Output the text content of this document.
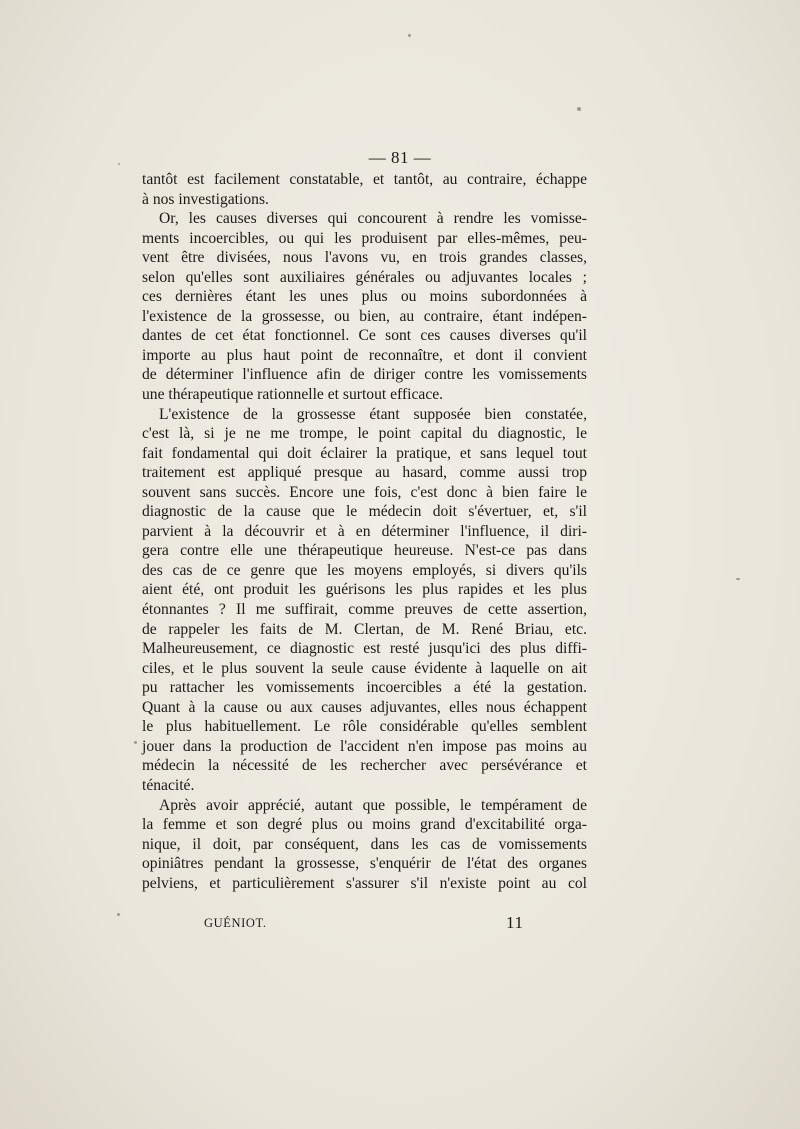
— 81 —
tantôt est facilement constatable, et tantôt, au contraire, échappe
à nos investigations.
Or, les causes diverses qui concourent à rendre les vomisse-
ments incoercibles, ou qui les produisent par elles-mêmes, peu-
vent être divisées, nous l'avons vu, en trois grandes classes,
selon qu'elles sont auxiliaires générales ou adjuvantes locales ;
ces dernières étant les unes plus ou moins subordonnées à
l'existence de la grossesse, ou bien, au contraire, étant indépen-
dantes de cet état fonctionnel. Ce sont ces causes diverses qu'il
importe au plus haut point de reconnaître, et dont il convient
de déterminer l'influence afin de diriger contre les vomissements
une thérapeutique rationnelle et surtout efficace.
L'existence de la grossesse étant supposée bien constatée,
c'est là, si je ne me trompe, le point capital du diagnostic, le
fait fondamental qui doit éclairer la pratique, et sans lequel tout
traitement est appliqué presque au hasard, comme aussi trop
souvent sans succès. Encore une fois, c'est donc à bien faire le
diagnostic de la cause que le médecin doit s'évertuer, et, s'il
parvient à la découvrir et à en déterminer l'influence, il diri-
gera contre elle une thérapeutique heureuse. N'est-ce pas dans
des cas de ce genre que les moyens employés, si divers qu'ils
aient été, ont produit les guérisons les plus rapides et les plus
étonnantes ? Il me suffirait, comme preuves de cette assertion,
de rappeler les faits de M. Clertan, de M. René Briau, etc.
Malheureusement, ce diagnostic est resté jusqu'ici des plus diffi-
ciles, et le plus souvent la seule cause évidente à laquelle on ait
pu rattacher les vomissements incoercibles a été la gestation.
Quant à la cause ou aux causes adjuvantes, elles nous échappent
le plus habituellement. Le rôle considérable qu'elles semblent
jouer dans la production de l'accident n'en impose pas moins au
médecin la nécessité de les rechercher avec persévérance et
ténacité.
Après avoir apprécié, autant que possible, le tempérament de
la femme et son degré plus ou moins grand d'excitabilité orga-
nique, il doit, par conséquent, dans les cas de vomissements
opiniâtres pendant la grossesse, s'enquérir de l'état des organes
pelviens, et particulièrement s'assurer s'il n'existe point au col
GUÉNIOT.	11
